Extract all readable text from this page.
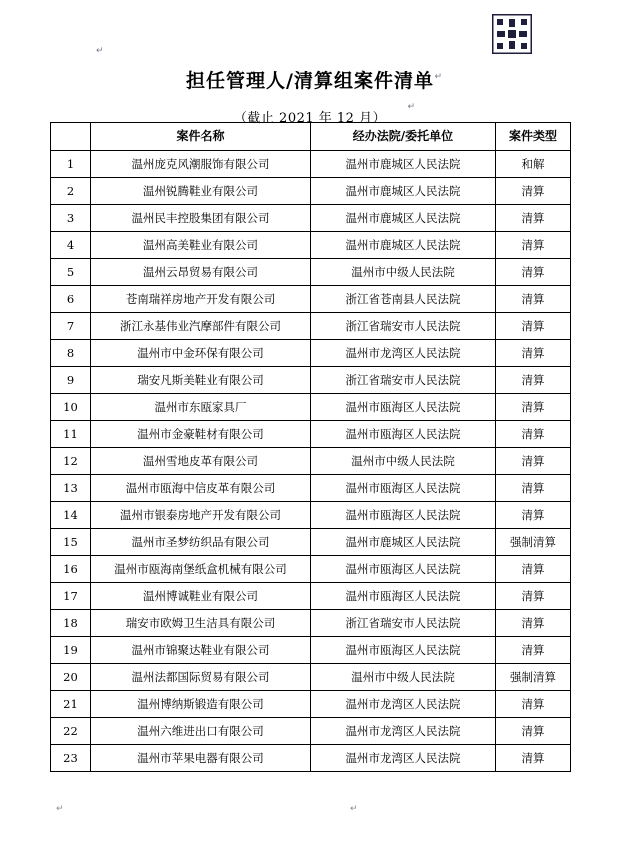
↵
担任管理人/清算组案件清单 ↵

（截止 2021 年 12 月）

↵
	案件名称	经办法院/委托单位	案件类型
1	温州庞克风潮服饰有限公司	温州市鹿城区人民法院	和解
2	温州锐腾鞋业有限公司	温州市鹿城区人民法院	清算
3	温州民丰控股集团有限公司	温州市鹿城区人民法院	清算
4	温州高美鞋业有限公司	温州市鹿城区人民法院	清算
5	温州云昂贸易有限公司	温州市中级人民法院	清算
6	苍南瑞祥房地产开发有限公司	浙江省苍南县人民法院	清算
7	浙江永基伟业汽摩部件有限公司	浙江省瑞安市人民法院	清算
8	温州市中金环保有限公司	温州市龙湾区人民法院	清算
9	瑞安凡斯美鞋业有限公司	浙江省瑞安市人民法院	清算
10	温州市东瓯家具厂	温州市瓯海区人民法院	清算
11	温州市金豪鞋材有限公司	温州市瓯海区人民法院	清算
12	温州雪地皮革有限公司	温州市中级人民法院	清算
13	温州市瓯海中信皮革有限公司	温州市瓯海区人民法院	清算
14	温州市银泰房地产开发有限公司	温州市瓯海区人民法院	清算
15	温州市圣梦纺织品有限公司	温州市鹿城区人民法院	强制清算
16	温州市瓯海南堡纸盒机械有限公司	温州市瓯海区人民法院	清算
17	温州博诚鞋业有限公司	温州市瓯海区人民法院	清算
18	瑞安市欧姆卫生洁具有限公司	浙江省瑞安市人民法院	清算
19	温州市锦聚达鞋业有限公司	温州市瓯海区人民法院	清算
20	温州法都国际贸易有限公司	温州市中级人民法院	强制清算
21	温州博纳斯锻造有限公司	温州市龙湾区人民法院	清算
22	温州六维进出口有限公司	温州市龙湾区人民法院	清算
23	温州市苹果电器有限公司	温州市龙湾区人民法院	清算
↵	↵
